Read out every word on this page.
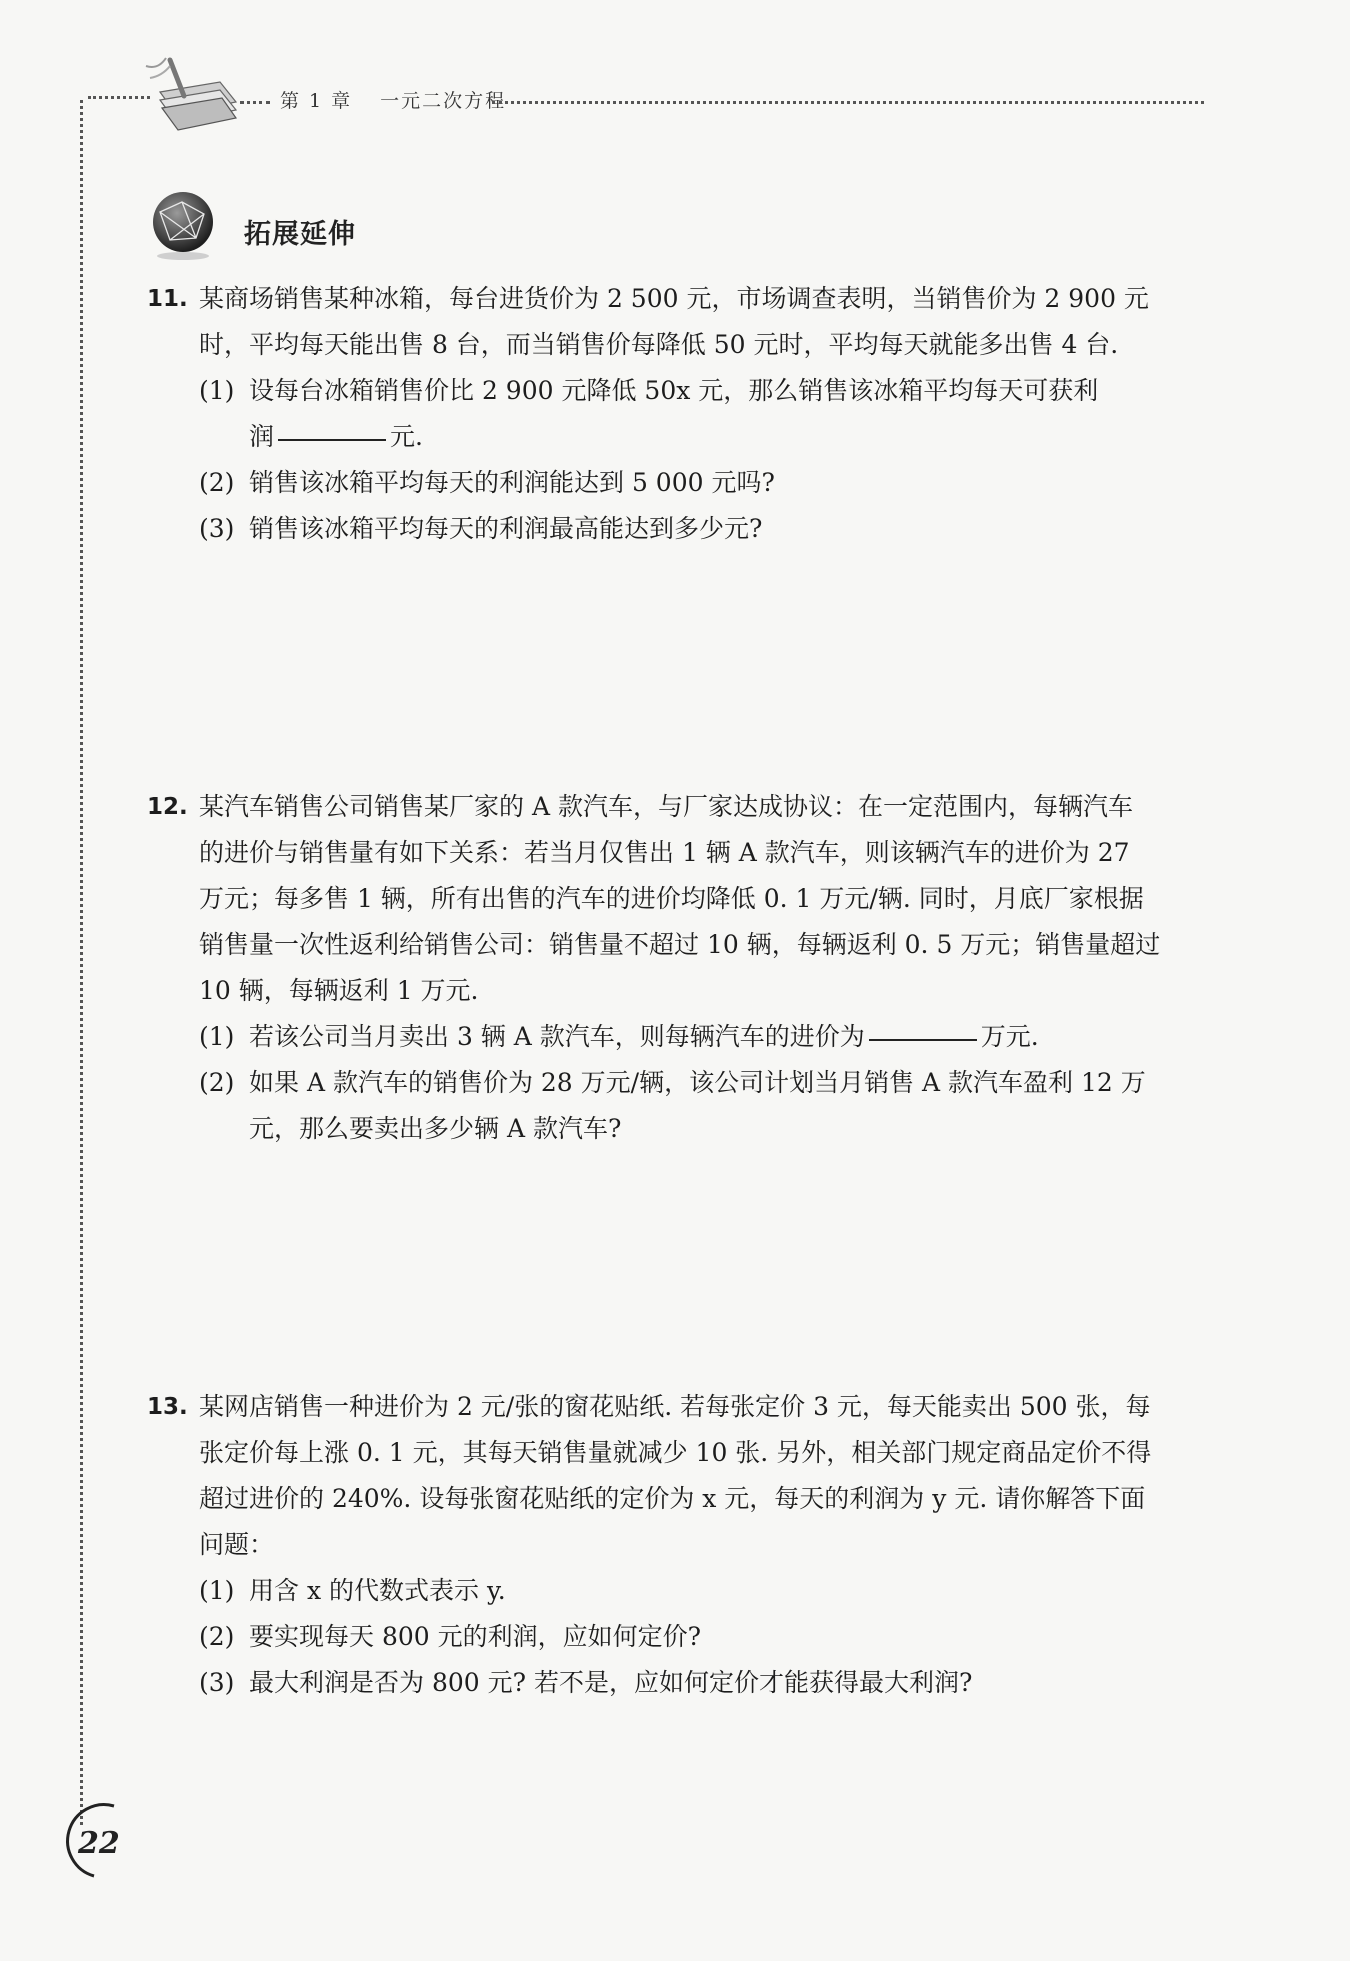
第 1 章 一元二次方程
拓展延伸
11. 某商场销售某种冰箱，每台进货价为 2 500 元，市场调查表明，当销售价为 2 900 元
时，平均每天能出售 8 台，而当销售价每降低 50 元时，平均每天就能多出售 4 台.
(1) 设每台冰箱销售价比 2 900 元降低 50x 元，那么销售该冰箱平均每天可获利
润	元.
(2) 销售该冰箱平均每天的利润能达到 5 000 元吗?
(3) 销售该冰箱平均每天的利润最高能达到多少元?
12. 某汽车销售公司销售某厂家的 A 款汽车，与厂家达成协议：在一定范围内，每辆汽车
的进价与销售量有如下关系：若当月仅售出 1 辆 A 款汽车，则该辆汽车的进价为 27
万元；每多售 1 辆，所有出售的汽车的进价均降低 0. 1 万元/辆. 同时，月底厂家根据
销售量一次性返利给销售公司：销售量不超过 10 辆，每辆返利 0. 5 万元；销售量超过
10 辆，每辆返利 1 万元.
(1) 若该公司当月卖出 3 辆 A 款汽车，则每辆汽车的进价为	万元.
(2) 如果 A 款汽车的销售价为 28 万元/辆，该公司计划当月销售 A 款汽车盈利 12 万
元，那么要卖出多少辆 A 款汽车?
13. 某网店销售一种进价为 2 元/张的窗花贴纸. 若每张定价 3 元，每天能卖出 500 张，每
张定价每上涨 0. 1 元，其每天销售量就减少 10 张. 另外，相关部门规定商品定价不得
超过进价的 240%. 设每张窗花贴纸的定价为 x 元，每天的利润为 y 元. 请你解答下面
问题：
(1) 用含 x 的代数式表示 y.
(2) 要实现每天 800 元的利润，应如何定价?
(3) 最大利润是否为 800 元? 若不是，应如何定价才能获得最大利润?
22
